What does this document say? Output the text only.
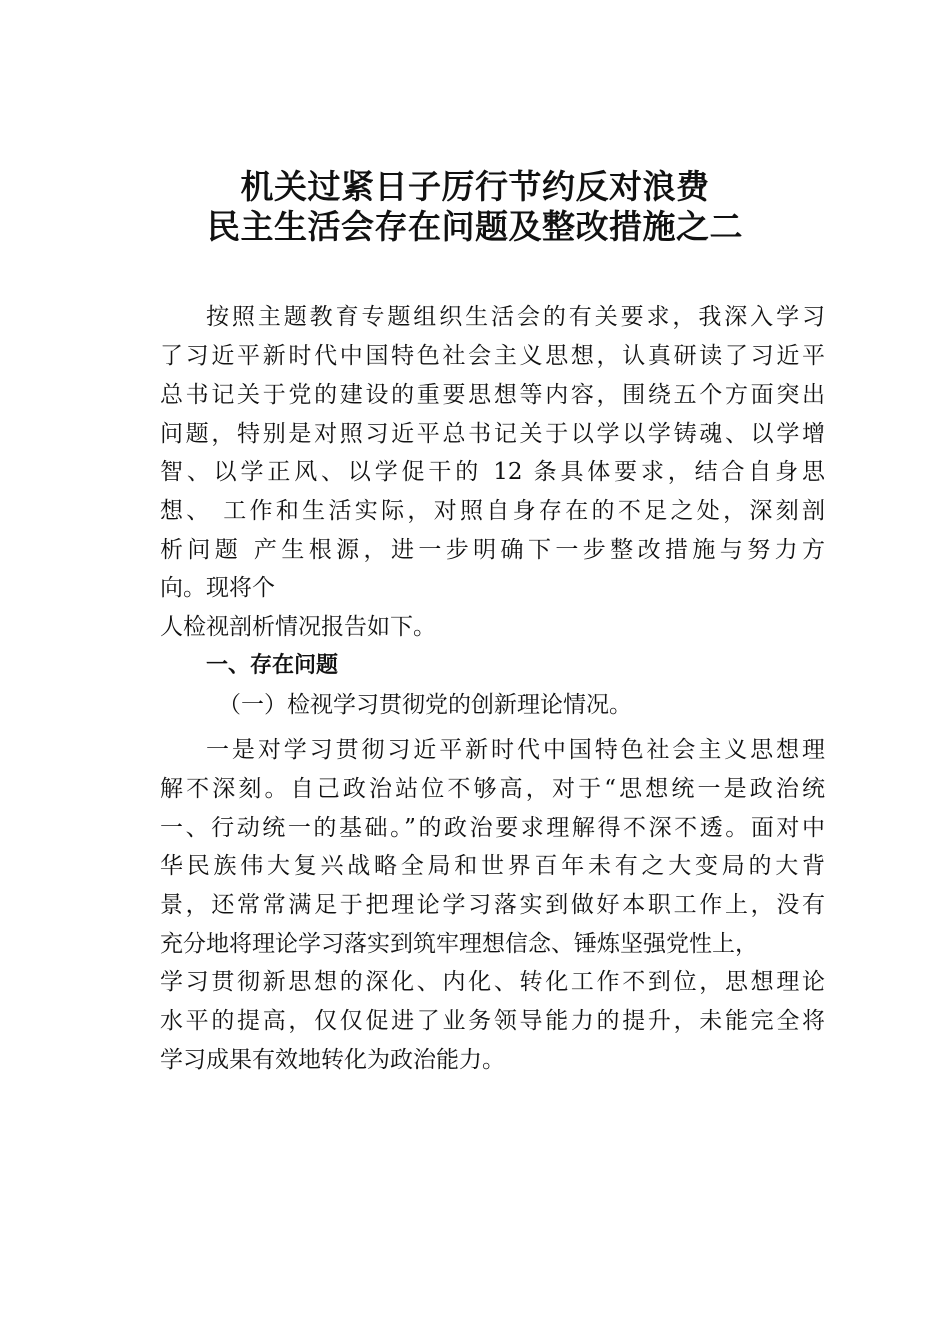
机关过紧日子厉行节约反对浪费
民主生活会存在问题及整改措施之二
按照主题教育专题组织生活会的有关要求，我深入学习
了习近平新时代中国特色社会主义思想，认真研读了习近平
总书记关于党的建设的重要思想等内容，围绕五个方面突出
问题，特别是对照习近平总书记关于以学以学铸魂、以学增
智、以学正风、以学促干的 12 条具体要求，结合自身思
想、 工作和生活实际，对照自身存在的不足之处，深刻剖
析问题 产生根源，进一步明确下一步整改措施与努力方
向。现将个
人检视剖析情况报告如下。
一、存在问题
（一）检视学习贯彻党的创新理论情况。
一是对学习贯彻习近平新时代中国特色社会主义思想理
解不深刻。自己政治站位不够高，对于“思想统一是政治统
一、行动统一的基础。”的政治要求理解得不深不透。面对中
华民族伟大复兴战略全局和世界百年未有之大变局的大背
景，还常常满足于把理论学习落实到做好本职工作上，没有
充分地将理论学习落实到筑牢理想信念、锤炼坚强党性上，
学习贯彻新思想的深化、内化、转化工作不到位，思想理论
水平的提高，仅仅促进了业务领导能力的提升，未能完全将
学习成果有效地转化为政治能力。
